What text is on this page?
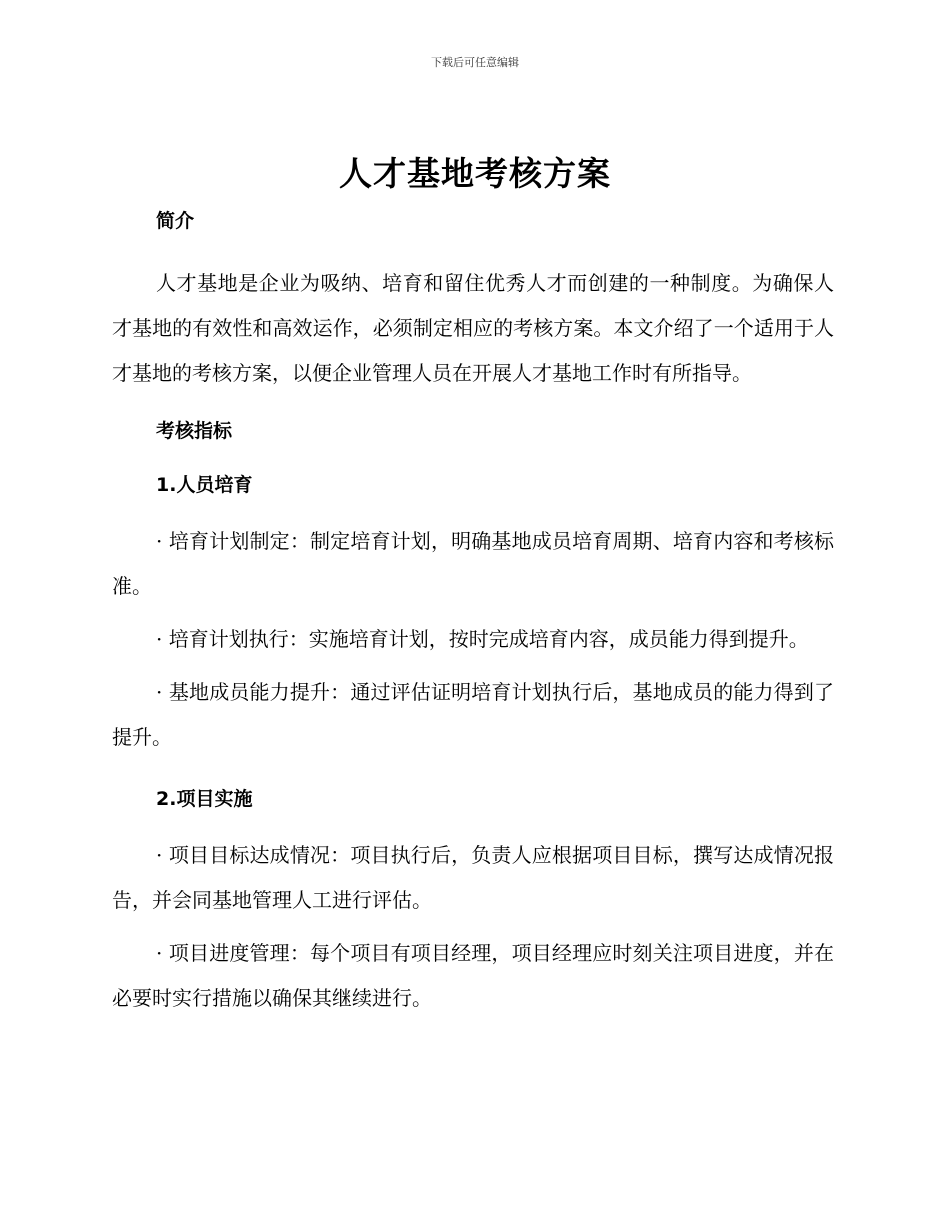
下载后可任意编辑
人才基地考核方案
简介

人才基地是企业为吸纳、培育和留住优秀人才而创建的一种制度。为确保人才基地的有效性和高效运作，必须制定相应的考核方案。本文介绍了一个适用于人才基地的考核方案，以便企业管理人员在开展人才基地工作时有所指导。

考核指标
1.人员培育

· 培育计划制定：制定培育计划，明确基地成员培育周期、培育内容和考核标准。

· 培育计划执行：实施培育计划，按时完成培育内容，成员能力得到提升。

· 基地成员能力提升：通过评估证明培育计划执行后，基地成员的能力得到了提升。

2.项目实施

· 项目目标达成情况：项目执行后，负责人应根据项目目标，撰写达成情况报告，并会同基地管理人工进行评估。

· 项目进度管理：每个项目有项目经理，项目经理应时刻关注项目进度，并在必要时实行措施以确保其继续进行。
